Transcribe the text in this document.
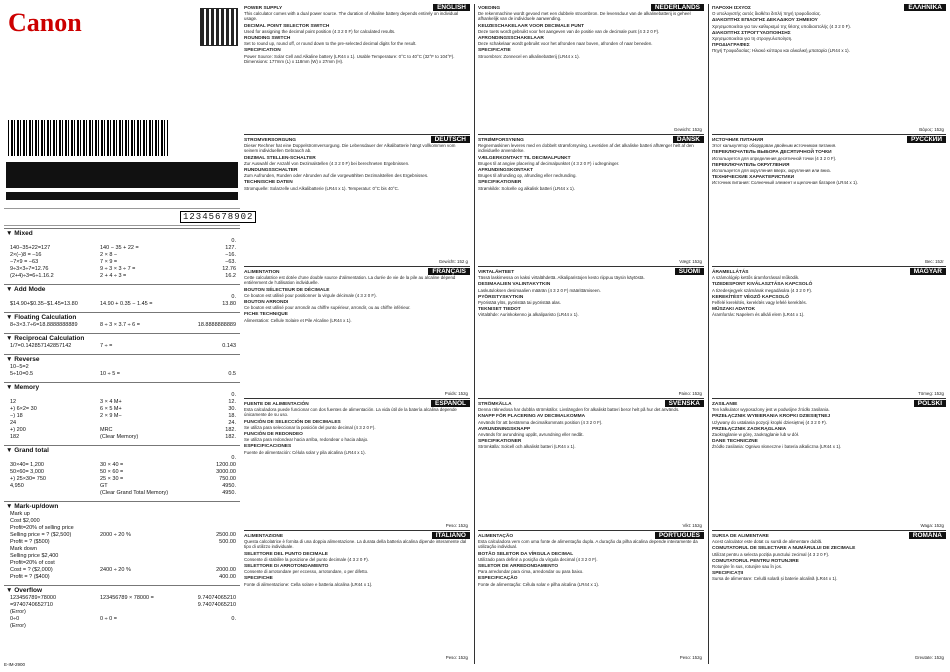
Canon
12345678902
▼ Mixed
0.
140−35+22=127	140 − 35 + 22 =	127.
2×(–)8 = –16	2 × 8 −	−16.
−7×9 = −63	7 × 9 =	−63.
9÷3×3÷7=12.76	9 ÷ 3 × 3 ÷ 7 =	12.76
(2+4)÷3=6÷1.16.2	2 + 4 ÷ 3 =	16.2
▼ Add Mode
0.
$14.90+$0.35−$1.45=13.80	14.90 + 0.35 − 1.45 =	13.80
▼ Floating Calculation
8÷3×3.7÷6=18.8888888889	8 ÷ 3 × 3.7 ÷ 6 =	18.8888888889
▼ Reciprocal Calculation
1/7=0.142857142857142	7 ÷ =	0.143
▼ Reverse
10−5=2
5÷10=0.5	10 ÷ 5 =	0.5
▼ Memory
0.
12	3 × 4 M+	12.
+) 6×2= 30	6 × 5 M+	30.
−) 18	2 × 9 M−	18.
24	24.
+) 200	MRC	182.
182	(Clear Memory)	182.
▼ Grand total
0.
30×40= 1,200	30 × 40 =	1200.00
50×60= 3,000	50 × 60 =	3000.00
+) 25×30= 750	25 × 30 =	750.00
4,950	GT	4950.
(Clear Grand Total Memory)	4950.
▼ Mark-up/down
Mark up
Cost $2,000
Profit=20% of selling price
Selling price = ? ($2,500)	2000 ÷ 20 %	2500.00
Profit = ? ($500)	500.00
Mark down
Selling price $2,400
Profit=20% of cost
Cost = ? ($2,000)	2400 ÷ 20 %	2000.00
Profit = ? ($400)	400.00
▼ Overflow
123456789×78000	123456789 × 78000 =	9.74074065210
=9740740652710	9.74074065210
(Error)
0÷0	0 ÷ 0 =	0.
(Error)
ENGLISH
POWER SUPPLY
This calculator comes with a dual power source. The duration of Alkaline battery depends entirely on individual usage.
DECIMAL POINT SELECTOR SWITCH
Used for assigning the decimal point position (4 3 2 0 F) for calculated results.
ROUNDING SWITCH
Set to round up, round off, or round down to the pre-selected decimal digits for the result.
SPECIFICATION
Power Source: Solar Cell and Alkaline battery (LR44 x 1). Usable Temperature: 0°C to 40°C (32°F to 104°F). Dimensions: 177mm (L) x 118mm (W) x 27mm (H).
DEUTSCH
STROMVERSORGUNG
Dieser Rechner hat eine Doppelstromversorgung. Die Lebensdauer der Alkalibatterie hängt vollkommen vom seinem individuellen Gebrauch ab.
DEZIMAL STELLEN-SCHALTER
Zur Auswahl der Anzahl von Dezimalstellen (4 3 2 0 F) bei berechneten Ergebnissen.
RUNDUNGSSCHALTER
Zum Aufrunden, Runden oder Abrunden auf die vorgewählten Dezimalstellen des Ergebnisses.
TECHNISCHE DATEN
Stromquelle: Solarzelle und Alkalibatterie (LR44 x 1). Temperatur: 0°C bis 40°C.
Gewicht: 152 g
FRANÇAIS
ALIMENTATION
Cette calculatrice est dotée d'une double source d'alimentation. La durée de vie de la pile au alcaline dépend entièrement de l'utilisation individuelle.
BOUTON SÉLECTEUR DE DÉCIMALE
Ce bouton est utilisé pour positionner la virgule décimale (4 3 2 0 F).
BOUTON ARRONDI
Ce bouton est utilisé pour arrondir au chiffre supérieur, arrondir, ou au chiffre inférieur.
FICHE TECHNIQUE
Alimentation: Cellule Solaire et Pile Alcaline (LR44 x 1).
Poids: 152g
ESPAÑOL
FUENTE DE ALIMENTACIÓN
Esta calculadora puede funcionar con dos fuentes de alimentación. La vida útil de la batería alcalina depende únicamente de su uso.
FUNCIÓN DE SELECCIÓN DE DECIMALES
Se utiliza para seleccionar la posición del punto decimal (4 3 2 0 F).
FUNCIÓN DE REDONDEO
Se utiliza para redondear hacia arriba, redondear o hacia abajo.
ESPECIFICACIONES
Fuente de alimentación: Célula solar y pila alcalina (LR44 x 1).
Peso: 152g
ITALIANO
ALIMENTAZIONE
Questa calcolatrice è fornita di una doppia alimentazione. La durata della batteria alcalina dipende interamente dal tipo di utilizzo individuale.
SELETTORE DEL PUNTO DECIMALE
Consente di stabilire la posizione del punto decimale (4 3 2 0 F).
SELETTORE DI ARROTONDAMENTO
Consente di arrotondare per eccesso, arrotondare, o per difetto.
SPECIFICHE
Fonte di alimentazione: Cella solare e batteria alcalina (LR44 x 1).
Peso: 152g
NEDERLANDS
VOEDING
De rekenmachine wordt gevoed met een dubbele stroombron. De levensduur van de alkalinebatterij is geheel afhankelijk van de individuele aanwending.
KEUZESCHAKELAAR VOOR DECIMALE PUNT
Deze toets wordt gebruikt voor het aangeven van de positie van de decimale punt (4 3 2 0 F).
AFRONDINGSSCHAKELAAR
Deze schakelaar wordt gebruikt voor het afronden naar boven, afronden of naar beneden.
SPECIFICATIE
Stroombron: Zonnecel en alkalinebatterij (LR44 x 1).
Gewicht: 152g
DANSK
STRØMFORSYNING
Regnemaskinen leveres med en dobbelt strømforsyning. Levetiden af det alkaliske batteri afhænger helt af den individuelle anvendelse.
VÆLGERKONTAKT TIL DECIMALPUNKT
Bruges til at angive placering af decimalpunktet (4 3 2 0 F) i udregninger.
AFRUNDINGSKONTAKT
Bruges til afrunding op, afrunding eller nedrunding.
SPECIFIKATIONER
Strømkilde: Solcelle og alkalisk batteri (LR44 x 1).
Vægt: 152g
SUOMI
VIRTALÄHTEET
Tässä laskimessa on kaksi virtalähdettä. Alkaliparistojen kesto riippuu täysin käytöstä.
DESIMAALIEN VALINTAKYTKIN
Laskutuloksen desimaalien määrän (4 3 2 0 F) määrittämiseen.
PYÖRISTYSKYTKIN
Pyöristää ylös, pyöristää tai pyöristää alas.
TEKNISET TIEDOT
Virtalähde: Aurinkokenno ja alkaliparisto (LR44 x 1).
Paino: 152g
SVENSKA
STRÖMKÄLLA
Denna räknedosa har dubbla strömkällor. Livslängden för alkaliskt batteri beror helt på hur det används.
KNAPP FÖR PLACERING AV DECIMALKOMMA
Används för att bestämma decimalkommats position (4 3 2 0 F).
AVRUNDNINGSKNAPP
Används för avrundning uppåt, avrundning eller nedåt.
SPECIFIKATIONER
Strömkälla: Solcell och alkaliskt batteri (LR44 x 1).
Vikt: 152g
PORTUGUÊS
ALIMENTAÇÃO
Esta calculadora vem com uma fonte de alimentação dupla. A duração da pilha alcalina depende inteiramente da utilização individual.
BOTÃO SELETOR DA VÍRGULA DECIMAL
Utilizado para definir a posição da vírgula decimal (4 3 2 0 F).
SELETOR DE ARREDONDAMENTO
Para arredondar para cima, arredondar ou para baixo.
ESPECIFICAÇÃO
Fonte de alimentação: Célula solar e pilha alcalina (LR44 x 1).
Peso: 152g
ΕΛΛΗΝΙΚΑ
ΠΑΡΟΧΗ ΙΣΧΥΟΣ
Ο υπολογιστής αυτός διαθέτει διπλή πηγή τροφοδοσίας.
ΔΙΑΚΟΠΤΗΣ ΕΠΙΛΟΓΗΣ ΔΕΚΑΔΙΚΟΥ ΣΗΜΕΙΟΥ
Χρησιμοποιείται για τον καθορισμό της θέσης υποδιαστολής (4 3 2 0 F).
ΔΙΑΚΟΠΤΗΣ ΣΤΡΟΓΓΥΛΟΠΟΙΗΣΗΣ
Χρησιμοποιείται για τη στρογγυλοποίηση.
ΠΡΟΔΙΑΓΡΑΦΕΣ
Πηγή Τροφοδοσίας: Ηλιακό κύτταρο και αλκαλική μπαταρία (LR44 x 1).
Βάρος: 152g
РУССКИЙ
ИСТОЧНИК ПИТАНИЯ
Этот калькулятор оборудован двойным источником питания.
ПЕРЕКЛЮЧАТЕЛЬ ВЫБОРА ДЕСЯТИЧНОЙ ТОЧКИ
Используется для определения десятичной точки (4 3 2 0 F).
ПЕРЕКЛЮЧАТЕЛЬ ОКРУГЛЕНИЯ
Используется для округления вверх, округления или вниз.
ТЕХНИЧЕСКИЕ ХАРАКТЕРИСТИКИ
Источник питания: Солнечный элемент и щелочная батарея (LR44 x 1).
Вес: 152г
MAGYAR
ÁRAMELLÁTÁS
A számológép kettős áramforrással működik.
TIZEDESPONT KIVÁLASZTÁSA KAPCSOLÓ
A tizedesjegyek számának megadására (4 3 2 0 F).
KEREKÍTÉST VÉGZŐ KAPCSOLÓ
Felfelé kerekítés, kerekítés vagy lefelé kerekítés.
MŰSZAKI ADATOK
Áramforrás: Napelem és alkáli elem (LR44 x 1).
Tömeg: 152g
POLSKI
ZASILANIE
Ten kalkulator wyposażony jest w podwójne źródło zasilania.
PRZEŁĄCZNIK WYBIERANIA KROPKI DZIESIĘTNEJ
Używany do ustalania pozycji kropki dziesiętnej (4 3 2 0 F).
PRZEŁĄCZNIK ZAOKRĄGLANIA
Zaokrąglanie w górę, zaokrąglanie lub w dół.
DANE TECHNICZNE
Źródło zasilania: Ogniwo słoneczne i bateria alkaliczna (LR44 x 1).
Waga: 152g
ROMÂNA
SURSA DE ALIMENTARE
Acest calculator este dotat cu sursă de alimentare dublă.
COMUTATORUL DE SELECTARE A NUMĂRULUI DE ZECIMALE
Utilizat pentru a selecta poziția punctului zecimal (4 3 2 0 F).
COMUTATORUL PENTRU ROTUNJIRE
Rotunjire în sus, rotunjire sau în jos.
SPECIFICAȚII
Sursa de alimentare: Celulă solară și baterie alcalină (LR44 x 1).
Greutate: 152g
E-IM-2900
